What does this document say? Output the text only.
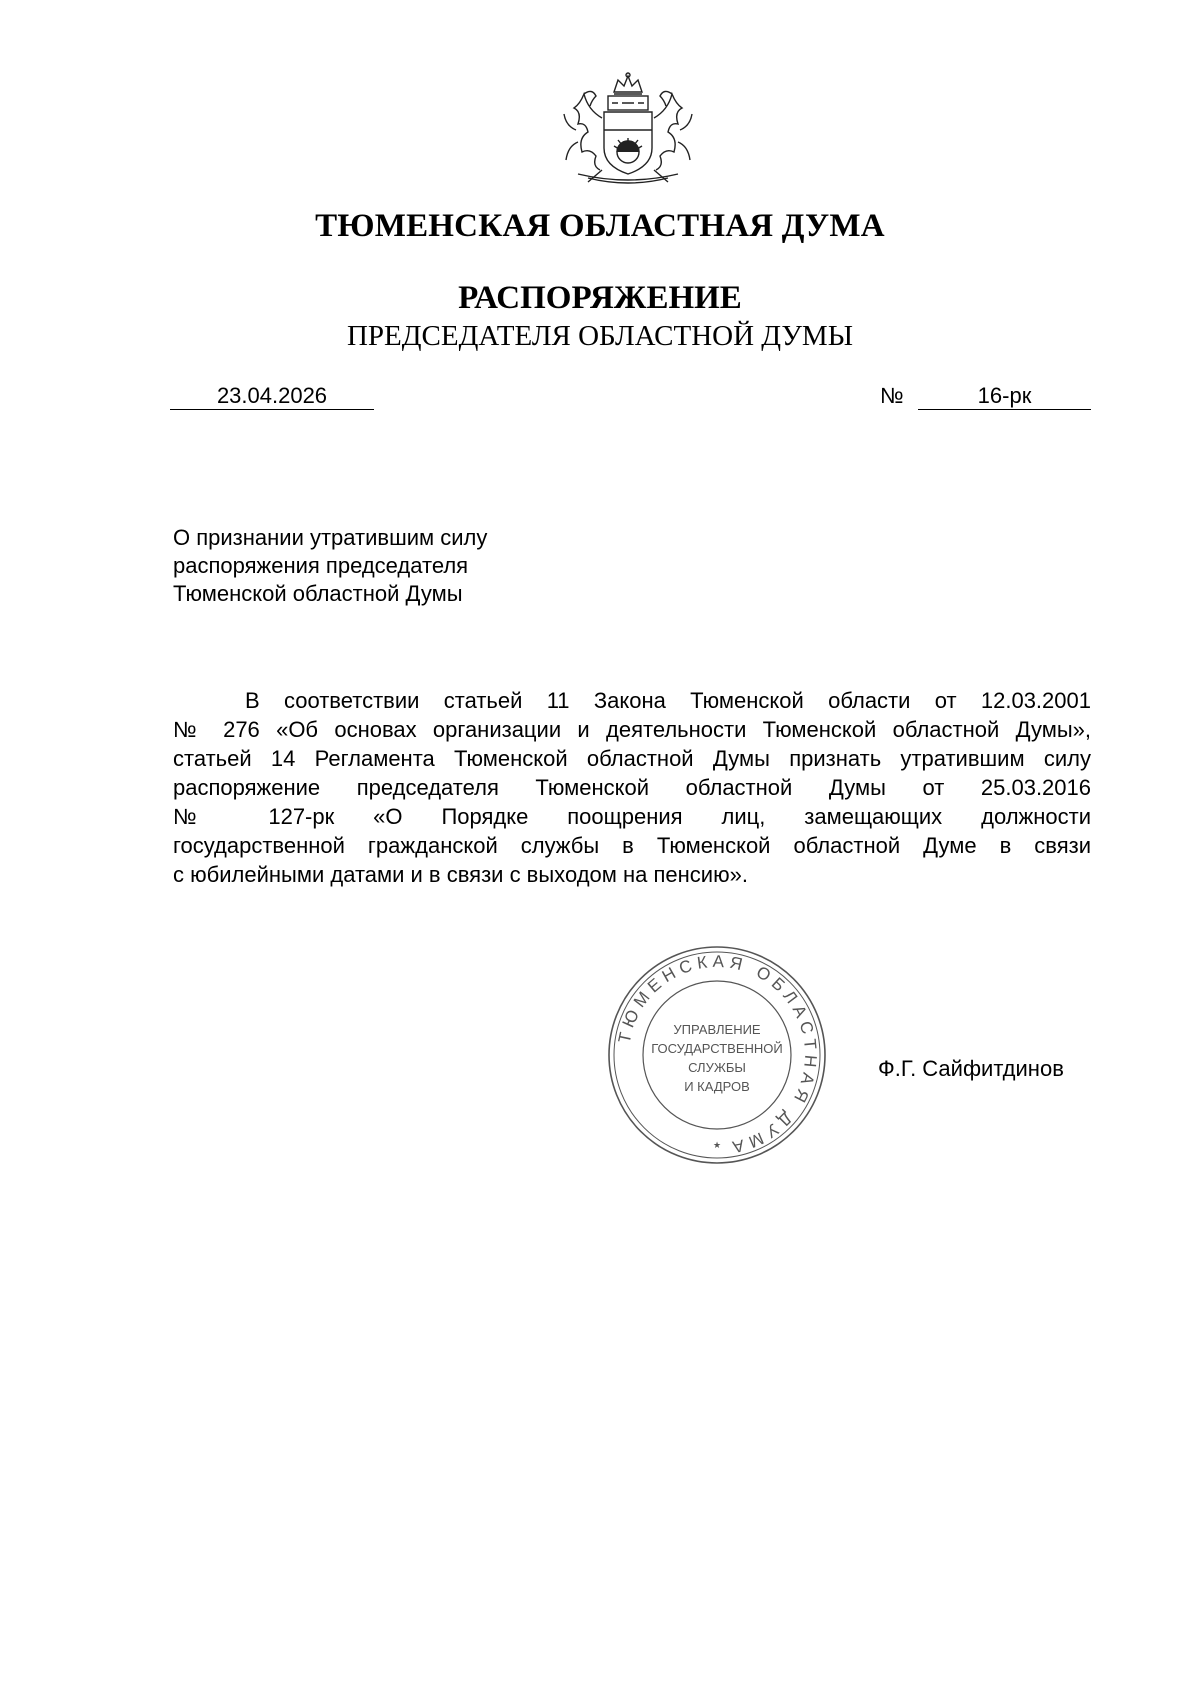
ТЮМЕНСКАЯ ОБЛАСТНАЯ ДУМА
РАСПОРЯЖЕНИЕ
ПРЕДСЕДАТЕЛЯ ОБЛАСТНОЙ ДУМЫ
23.04.2026	№	16-рк
О признании утратившим силу
распоряжения председателя
Тюменской областной Думы
В соответствии статьей 11 Закона Тюменской области от 12.03.2001
№ 276 «Об основах организации и деятельности Тюменской областной Думы»,
статьей 14 Регламента Тюменской областной Думы признать утратившим силу
распоряжение председателя Тюменской областной Думы от 25.03.2016
№ 127-рк «О Порядке поощрения лиц, замещающих должности
государственной гражданской службы в Тюменской областной Думе в связи
с юбилейными датами и в связи с выходом на пенсию».
ТЮМЕНСКАЯ ОБЛАСТНАЯ ДУМА
УПРАВЛЕНИЕ
ГОСУДАРСТВЕННОЙ
СЛУЖБЫ
И КАДРОВ
★
Ф.Г. Сайфитдинов
